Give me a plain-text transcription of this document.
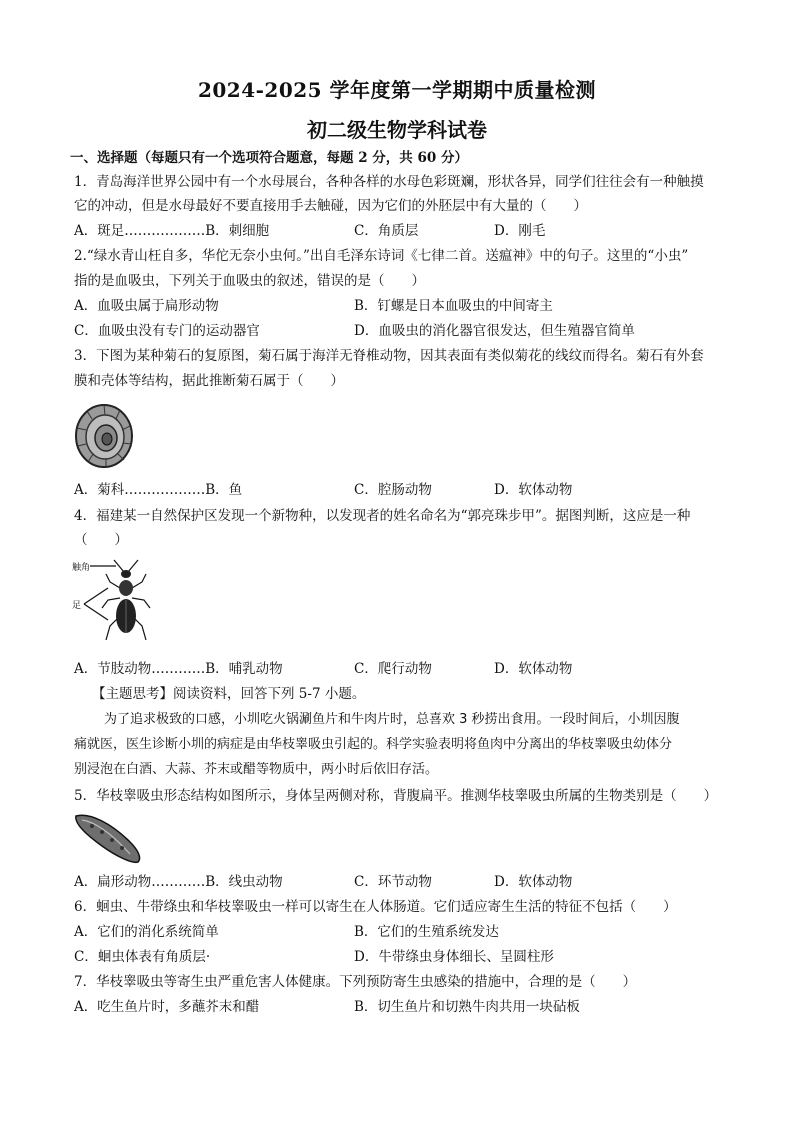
2024-2025 学年度第一学期期中质量检测
初二级生物学科试卷
一、选择题（每题只有一个选项符合题意，每题 2 分，共 60 分）
1．青岛海洋世界公园中有一个水母展台，各种各样的水母色彩斑斓，形状各异，同学们往往会有一种触摸
它的冲动，但是水母最好不要直接用手去触碰，因为它们的外胚层中有大量的（　　）
A．斑足………………B．刺细胞	C．角质层	D．刚毛
2.“绿水青山枉自多，华佗无奈小虫何。”出自毛泽东诗词《七律二首。送瘟神》中的句子。这里的“小虫”
指的是血吸虫，下列关于血吸虫的叙述，错误的是（　　）
A．血吸虫属于扁形动物	B．钉螺是日本血吸虫的中间寄主
C．血吸虫没有专门的运动器官	D．血吸虫的消化器官很发达，但生殖器官简单
3．下图为某种菊石的复原图，菊石属于海洋无脊椎动物，因其表面有类似菊花的线纹而得名。菊石有外套
膜和壳体等结构，据此推断菊石属于（　　）
A．菊科………………B．鱼	C．腔肠动物	D．软体动物
4．福建某一自然保护区发现一个新物种，以发现者的姓名命名为“郭亮珠步甲”。据图判断，这应是一种
（　　）
触角
足
A．节肢动物…………B．哺乳动物	C．爬行动物	D．软体动物
【主题思考】阅读资料，回答下列 5-7 小题。
为了追求极致的口感，小圳吃火锅涮鱼片和牛肉片时，总喜欢 3 秒捞出食用。一段时间后，小圳因腹
痛就医，医生诊断小圳的病症是由华枝睾吸虫引起的。科学实验表明将鱼肉中分离出的华枝睾吸虫幼体分
别浸泡在白酒、大蒜、芥末或醋等物质中，两小时后依旧存活。
5．华枝睾吸虫形态结构如图所示，身体呈两侧对称，背腹扁平。推测华枝睾吸虫所属的生物类别是（　　）
A．扁形动物…………B．线虫动物	C．环节动物	D．软体动物
6．蛔虫、牛带绦虫和华枝睾吸虫一样可以寄生在人体肠道。它们适应寄生生活的特征不包括（　　）
A．它们的消化系统简单	B．它们的生殖系统发达
C．蛔虫体表有角质层·	D．牛带绦虫身体细长、呈圆柱形
7．华枝睾吸虫等寄生虫严重危害人体健康。下列预防寄生虫感染的措施中，合理的是（　　）
A．吃生鱼片时，多蘸芥末和醋	B．切生鱼片和切熟牛肉共用一块砧板
